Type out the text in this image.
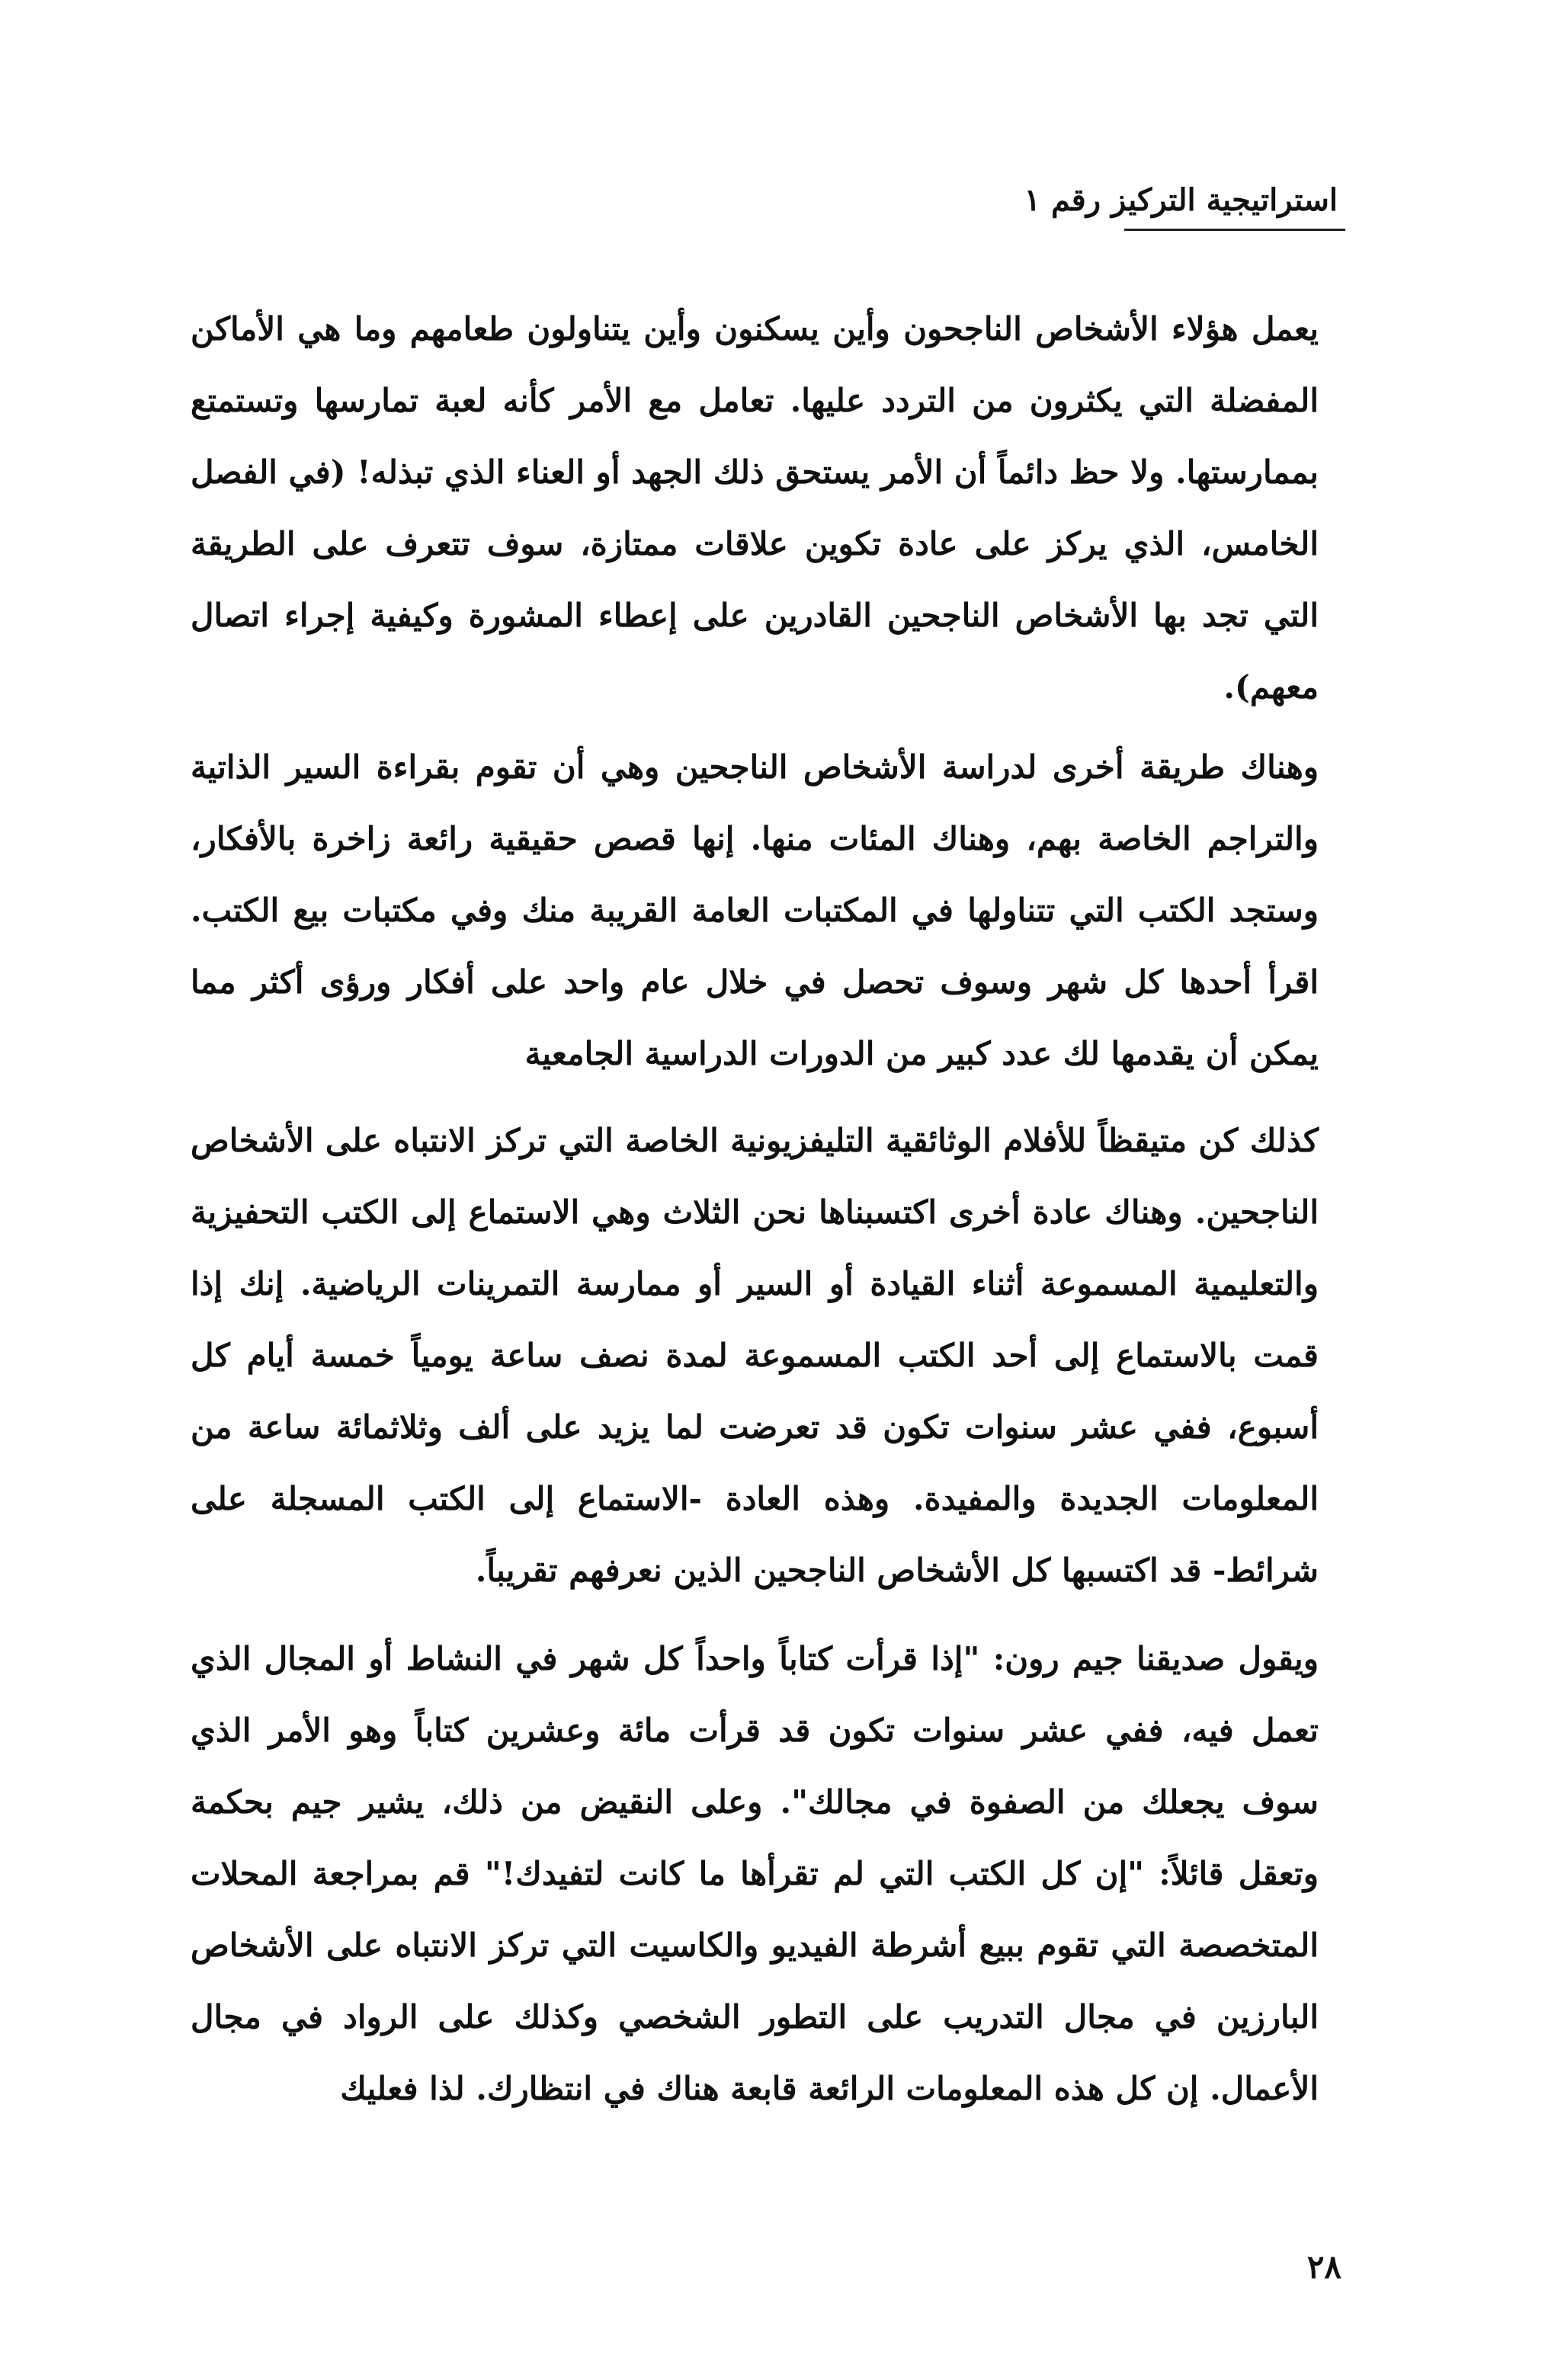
استراتيجية التركيز رقم ١

يعمل هؤلاء الأشخاص الناجحون وأين يسكنون وأين يتناولون طعامهم وما هي الأماكن المفضلة التي يكثرون من التردد عليها. تعامل مع الأمر كأنه لعبة تمارسها وتستمتع بممارستها. ولا حظ دائماً أن الأمر يستحق ذلك الجهد أو العناء الذي تبذله! (في الفصل الخامس، الذي يركز على عادة تكوين علاقات ممتازة، سوف تتعرف على الطريقة التي تجد بها الأشخاص الناجحين القادرين على إعطاء المشورة وكيفية إجراء اتصال معهم).

وهناك طريقة أخرى لدراسة الأشخاص الناجحين وهي أن تقوم بقراءة السير الذاتية والتراجم الخاصة بهم، وهناك المئات منها. إنها قصص حقيقية رائعة زاخرة بالأفكار، وستجد الكتب التي تتناولها في المكتبات العامة القريبة منك وفي مكتبات بيع الكتب. اقرأ أحدها كل شهر وسوف تحصل في خلال عام واحد على أفكار ورؤى أكثر مما يمكن أن يقدمها لك عدد كبير من الدورات الدراسية الجامعية

كذلك كن متيقظاً للأفلام الوثائقية التليفزيونية الخاصة التي تركز الانتباه على الأشخاص الناجحين. وهناك عادة أخرى اكتسبناها نحن الثلاث وهي الاستماع إلى الكتب التحفيزية والتعليمية المسموعة أثناء القيادة أو السير أو ممارسة التمرينات الرياضية. إنك إذا قمت بالاستماع إلى أحد الكتب المسموعة لمدة نصف ساعة يومياً خمسة أيام كل أسبوع، ففي عشر سنوات تكون قد تعرضت لما يزيد على ألف وثلاثمائة ساعة من المعلومات الجديدة والمفيدة. وهذه العادة -الاستماع إلى الكتب المسجلة على شرائط- قد اكتسبها كل الأشخاص الناجحين الذين نعرفهم تقريباً.

ويقول صديقنا جيم رون: "إذا قرأت كتاباً واحداً كل شهر في النشاط أو المجال الذي تعمل فيه، ففي عشر سنوات تكون قد قرأت مائة وعشرين كتاباً وهو الأمر الذي سوف يجعلك من الصفوة في مجالك". وعلى النقيض من ذلك، يشير جيم بحكمة وتعقل قائلاً: "إن كل الكتب التي لم تقرأها ما كانت لتفيدك!" قم بمراجعة المحلات المتخصصة التي تقوم ببيع أشرطة الفيديو والكاسيت التي تركز الانتباه على الأشخاص البارزين في مجال التدريب على التطور الشخصي وكذلك على الرواد في مجال الأعمال. إن كل هذه المعلومات الرائعة قابعة هناك في انتظارك. لذا فعليك

٢٨
